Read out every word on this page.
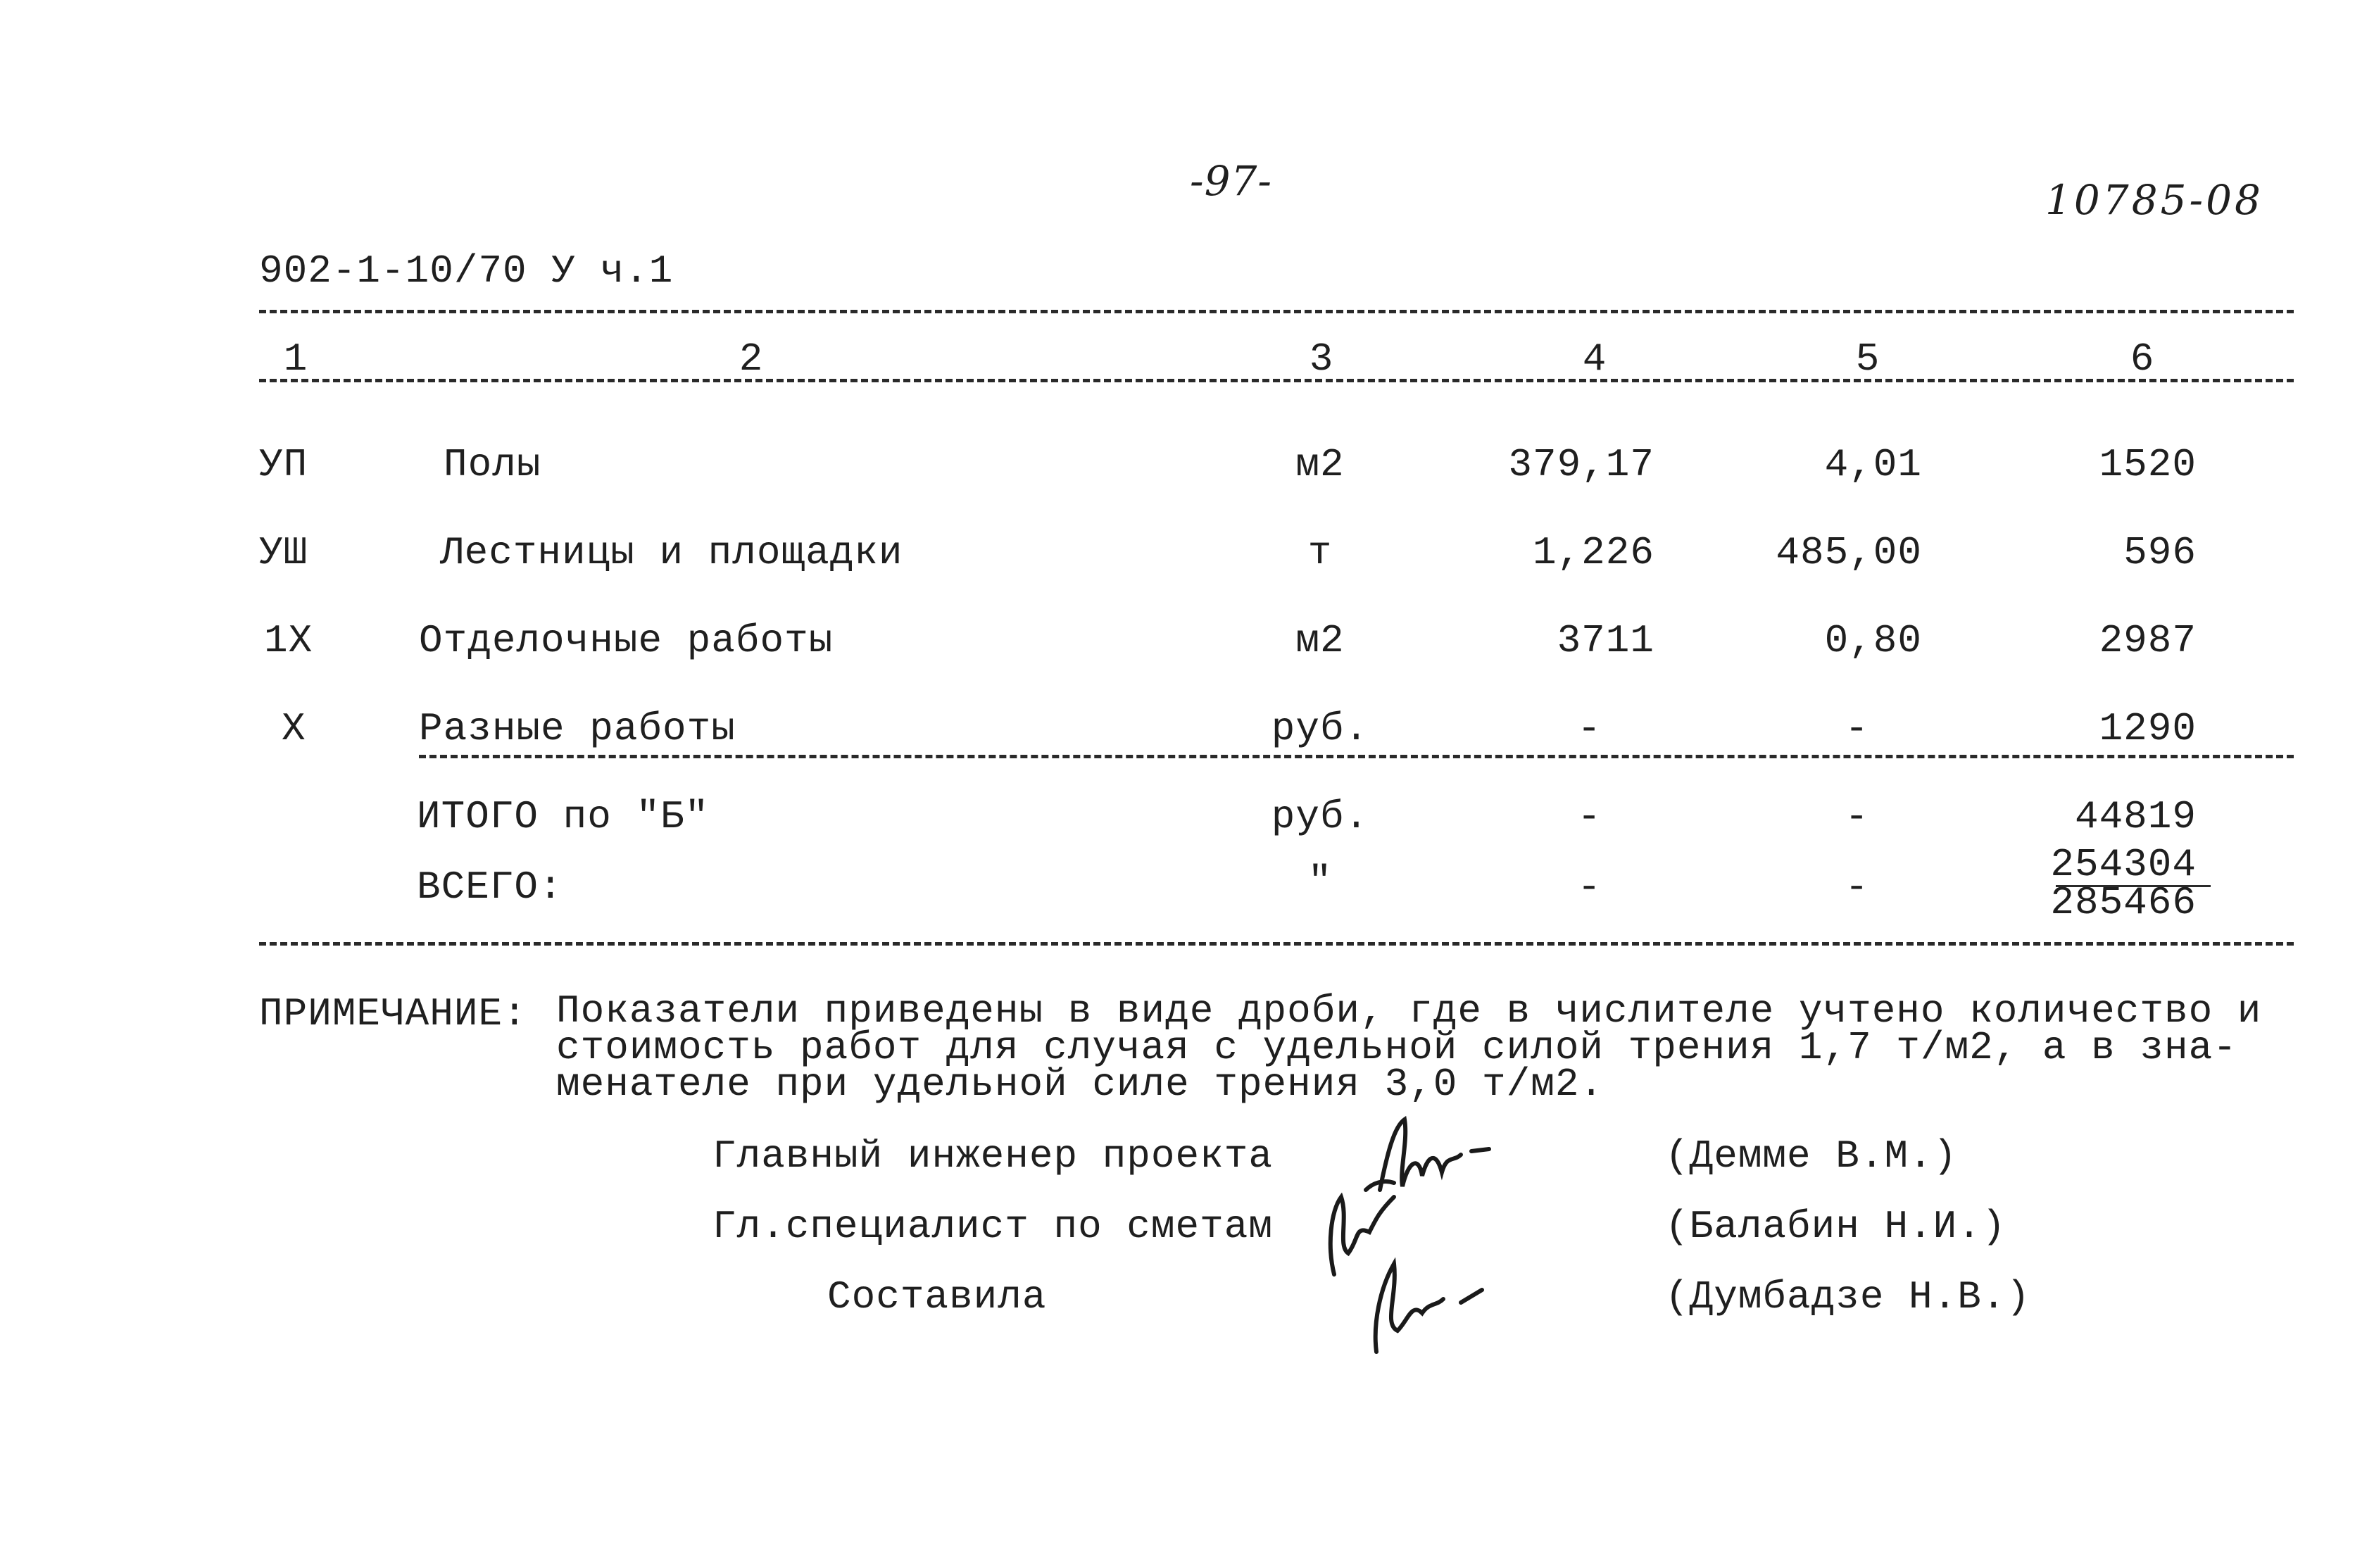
-97-	10785-08
902-1-10/70 У ч.1
1	2	3	4	5	6
УП	Полы	м2	379,17	4,01	1520
УШ	Лестницы и площадки	т	1,226	485,00	596
1Х	Отделочные работы	м2	3711	0,80	2987
Х	Разные работы	руб.	-	-	1290
ИТОГО по "Б"	руб.	-	-	44819
ВСЕГО:	"	-	-	254304
285466
ПРИМЕЧАНИЕ: Показатели приведены в виде дроби, где в числителе учтено количество и
стоимость работ для случая с удельной силой трения 1,7 т/м2, а в зна-
менателе при удельной силе трения 3,0 т/м2.
Главный инженер проекта	(Демме В.М.)
Гл.специалист по сметам	(Балабин Н.И.)
Составила	(Думбадзе Н.В.)
